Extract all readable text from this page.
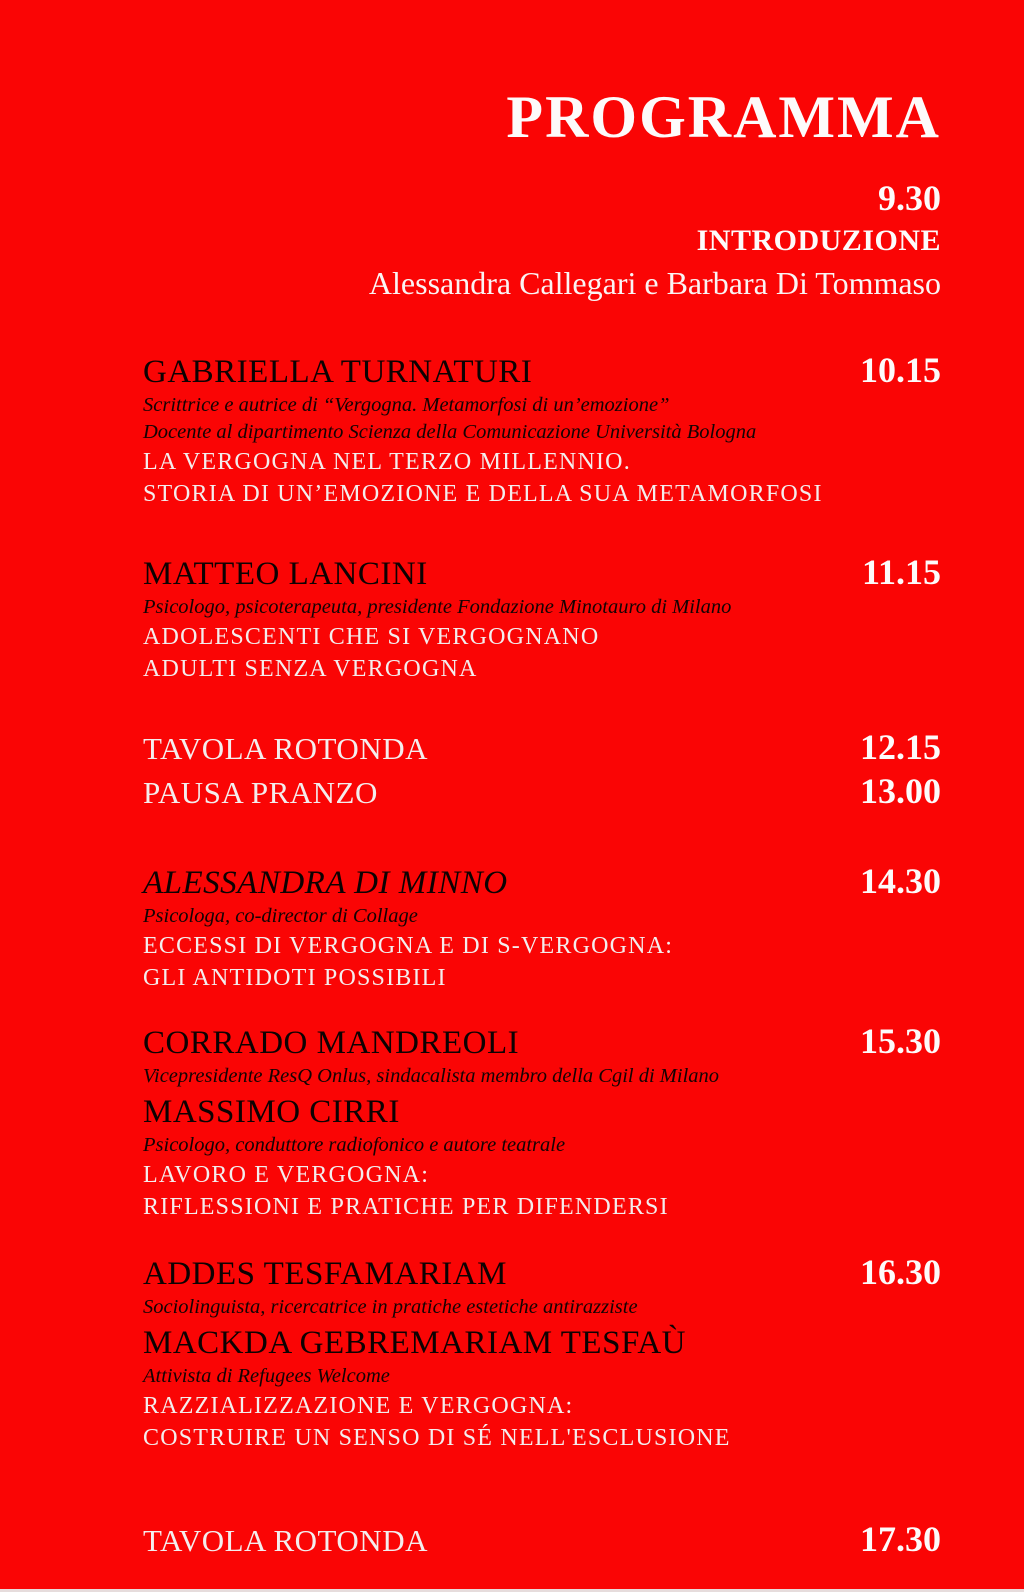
PROGRAMMA
9.30
INTRODUZIONE
Alessandra Callegari e Barbara Di Tommaso
GABRIELLA TURNATURI	10.15

Scrittrice e autrice di “Vergogna. Metamorfosi di un’emozione”

Docente al dipartimento Scienza della Comunicazione Università Bologna

LA VERGOGNA NEL TERZO MILLENNIO.

STORIA DI UN’EMOZIONE E DELLA SUA METAMORFOSI

MATTEO LANCINI	11.15

Psicologo, psicoterapeuta, presidente Fondazione Minotauro di Milano

ADOLESCENTI CHE SI VERGOGNANO

ADULTI SENZA VERGOGNA

TAVOLA ROTONDA	12.15
PAUSA PRANZO	13.00
ALESSANDRA DI MINNO	14.30

Psicologa, co-director di Collage

ECCESSI DI VERGOGNA E DI S-VERGOGNA:

GLI ANTIDOTI POSSIBILI

CORRADO MANDREOLI	15.30

Vicepresidente ResQ Onlus, sindacalista membro della Cgil di Milano

MASSIMO CIRRI

Psicologo, conduttore radiofonico e autore teatrale

LAVORO E VERGOGNA:

RIFLESSIONI E PRATICHE PER DIFENDERSI

ADDES TESFAMARIAM	16.30

Sociolinguista, ricercatrice in pratiche estetiche antirazziste

MACKDA GEBREMARIAM TESFAÙ

Attivista di Refugees Welcome

RAZZIALIZZAZIONE E VERGOGNA:

COSTRUIRE UN SENSO DI SÉ NELL'ESCLUSIONE

TAVOLA ROTONDA	17.30
